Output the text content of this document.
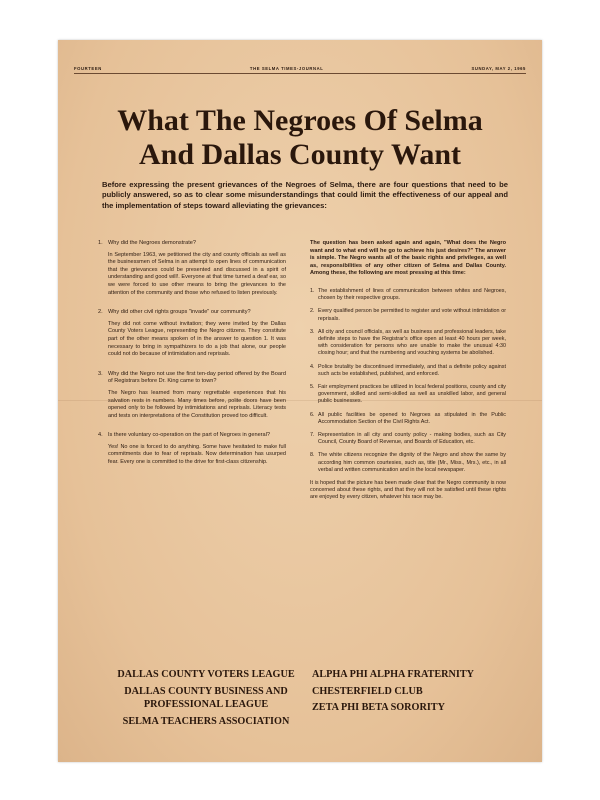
FOURTEEN	THE SELMA TIMES-JOURNAL	SUNDAY, MAY 2, 1965
What The Negroes Of Selma
And Dallas County Want
Before expressing the present grievances of the Negroes of Selma, there are four questions that need to be publicly answered, so as to clear some misunderstandings that could limit the effectiveness of our appeal and the implementation of steps toward alleviating the grievances:
1. Why did the Negroes demonstrate?
In September 1963, we petitioned the city and county officials as well as the businessmen of Selma in an attempt to open lines of communication that the grievances could be presented and discussed in a spirit of understanding and good will!. Everyone at that time turned a deaf ear, so we were forced to use other means to bring the grievances to the attention of the community and those who refused to listen previously.
2. Why did other civil rights groups "invade" our community?
They did not come without invitation; they were invited by the Dallas County Voters League, representing the Negro citizens. They constitute part of the other means spoken of in the answer to question 1. It was necessary to bring in sympathizers to do a job that alone, our people could not do because of intimidation and reprisals.
3. Why did the Negro not use the first ten-day period offered by the Board of Registrars before Dr. King came to town?
The Negro has learned from many regrettable experiences that his salvation rests in numbers. Many times before, polite doors have been opened only to be followed by intimidations and reprisals. Literacy tests and tests on interpretations of the Constitution proved too difficult.
4. Is there voluntary co-operation on the part of Negroes in general?
Yes! No one is forced to do anything. Some have hesitated to make full commitments due to fear of reprisals. Now determination has usurped fear. Every one is committed to the drive for first-class citizenship.
The question has been asked again and again, "What does the Negro want and to what end will he go to achieve his just desires?" The answer is simple. The Negro wants all of the basic rights and privileges, as well as, responsibilities of any other citizen of Selma and Dallas County. Among these, the following are most pressing at this time:
1. The establishment of lines of communication between whites and Negroes, chosen by their respective groups.
2. Every qualified person be permitted to register and vote without intimidation or reprisals.
3. All city and council officials, as well as business and professional leaders, take definite steps to have the Registrar's office open at least 40 hours per week, with consideration for persons who are unable to make the unusual 4:30 closing hour; and that the numbering and vouching systems be abolished.
4. Police brutality be discontinued immediately, and that a definite policy against such acts be established, published, and enforced.
5. Fair employment practices be utilized in local federal positions, county and city government, skilled and semi-skilled as well as unskilled labor, and general public businesses.
6. All public facilities be opened to Negroes as stipulated in the Public Accommodation Section of the Civil Rights Act.
7. Representation in all city and county policy - making bodies, such as City Council, County Board of Revenue, and Boards of Education, etc.
8. The white citizens recognize the dignity of the Negro and show the same by according him common courtesies, such as, title (Mr., Miss., Mrs.), etc., in all verbal and written communication and in the local newspaper.
It is hoped that the picture has been made clear that the Negro community is now concerned about these rights, and that they will not be satisfied until these rights are enjoyed by every citizen, whatever his race may be.
DALLAS COUNTY VOTERS LEAGUE
DALLAS COUNTY BUSINESS AND PROFESSIONAL LEAGUE
SELMA TEACHERS ASSOCIATION
ALPHA PHI ALPHA FRATERNITY
CHESTERFIELD CLUB
ZETA PHI BETA SORORITY
